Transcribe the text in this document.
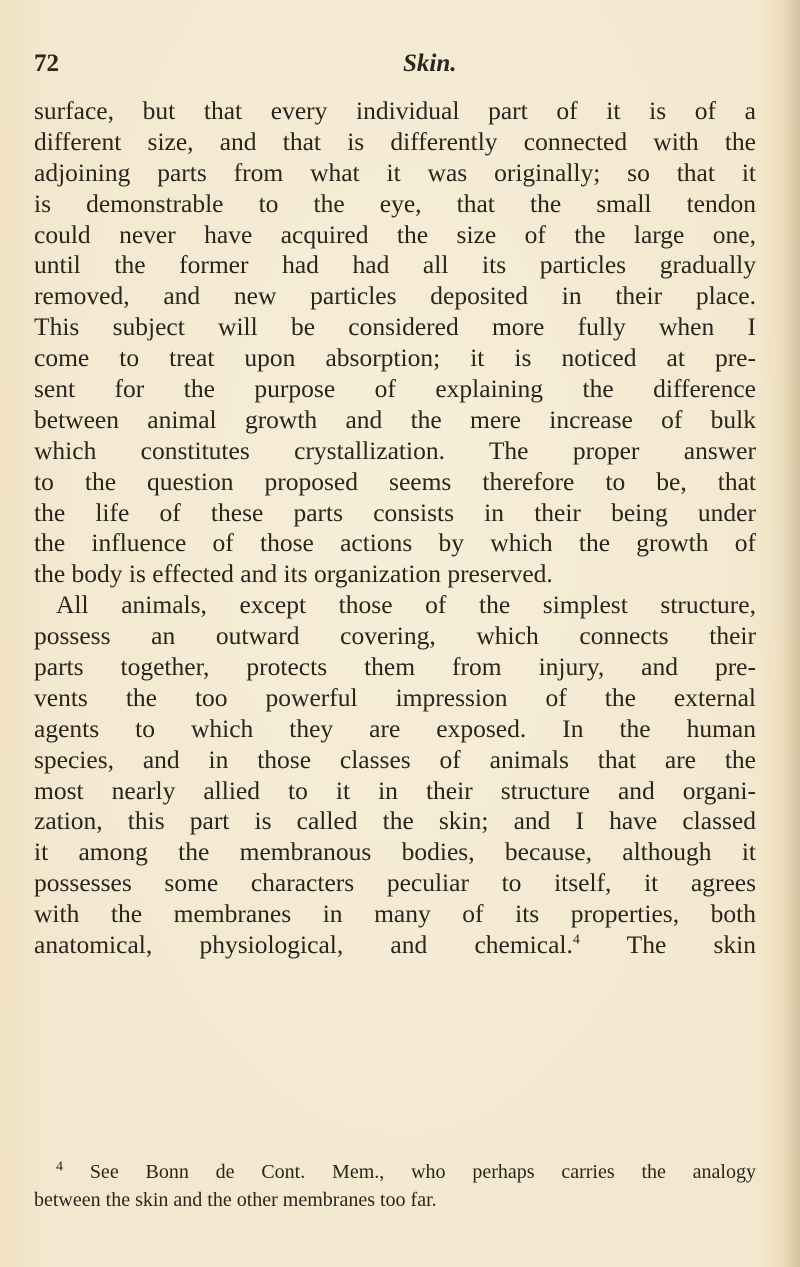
72	Skin.
surface, but that every individual part of it is of a
different size, and that is differently connected with the
adjoining parts from what it was originally; so that it
is demonstrable to the eye, that the small tendon
could never have acquired the size of the large one,
until the former had had all its particles gradually
removed, and new particles deposited in their place.
This subject will be considered more fully when I
come to treat upon absorption; it is noticed at pre-
sent for the purpose of explaining the difference
between animal growth and the mere increase of bulk
which constitutes crystallization. The proper answer
to the question proposed seems therefore to be, that
the life of these parts consists in their being under
the influence of those actions by which the growth of
the body is effected and its organization preserved.
All animals, except those of the simplest structure,
possess an outward covering, which connects their
parts together, protects them from injury, and pre-
vents the too powerful impression of the external
agents to which they are exposed. In the human
species, and in those classes of animals that are the
most nearly allied to it in their structure and organi-
zation, this part is called the skin; and I have classed
it among the membranous bodies, because, although it
possesses some characters peculiar to itself, it agrees
with the membranes in many of its properties, both
anatomical, physiological, and chemical.$^4$ The skin
$^4$ See Bonn de Cont. Mem., who perhaps carries the analogy
between the skin and the other membranes too far.
